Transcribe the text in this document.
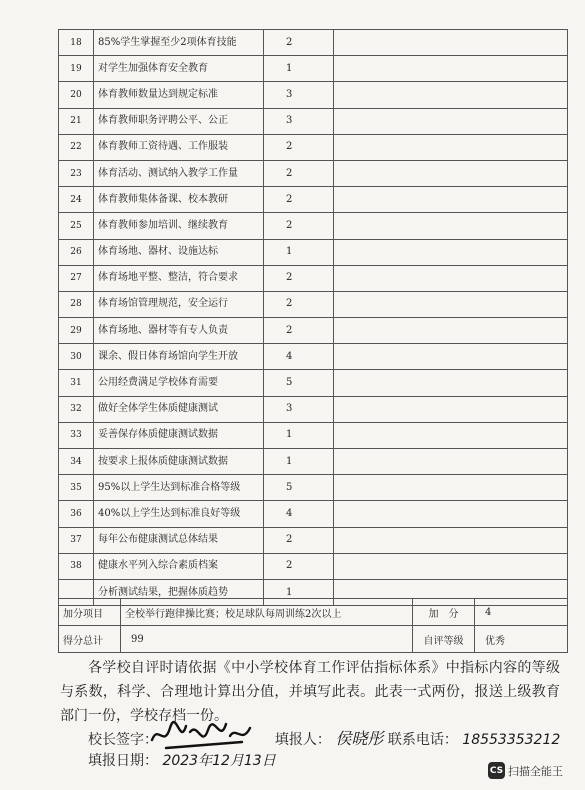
18	85%学生掌握至少2项体育技能	2	
19	对学生加强体育安全教育	1	
20	体育教师数量达到规定标准	3	
21	体育教师职务评聘公平、公正	3	
22	体育教师工资待遇、工作服装	2	
23	体育活动、测试纳入教学工作量	2	
24	体育教师集体备课、校本教研	2	
25	体育教师参加培训、继续教育	2	
26	体育场地、器材、设施达标	1	
27	体育场地平整、整洁，符合要求	2	
28	体育场馆管理规范，安全运行	2	
29	体育场地、器材等有专人负责	2	
30	课余、假日体育场馆向学生开放	4	
31	公用经费满足学校体育需要	5	
32	做好全体学生体质健康测试	3	
33	妥善保存体质健康测试数据	1	
34	按要求上报体质健康测试数据	1	
35	95%以上学生达到标准合格等级	5	
36	40%以上学生达到标准良好等级	4	
37	每年公布健康测试总体结果	2	
38	健康水平列入综合素质档案	2	
	分析测试结果，把握体质趋势	1	
加分项目	全校举行跑律操比赛；校足球队每周训练2次以上	加　分	4
得分总计	99	自评等级	优秀
各学校自评时请依据《中小学校体育工作评估指标体系》中指标内容的等级与系数，科学、合理地计算出分值，并填写此表。此表一式两份，报送上级教育部门一份，学校存档一份。
校长签字：	填报人： 侯晓彤 联系电话： 18553353212
填报日期： 2023年12月13日
CS 扫描全能王
